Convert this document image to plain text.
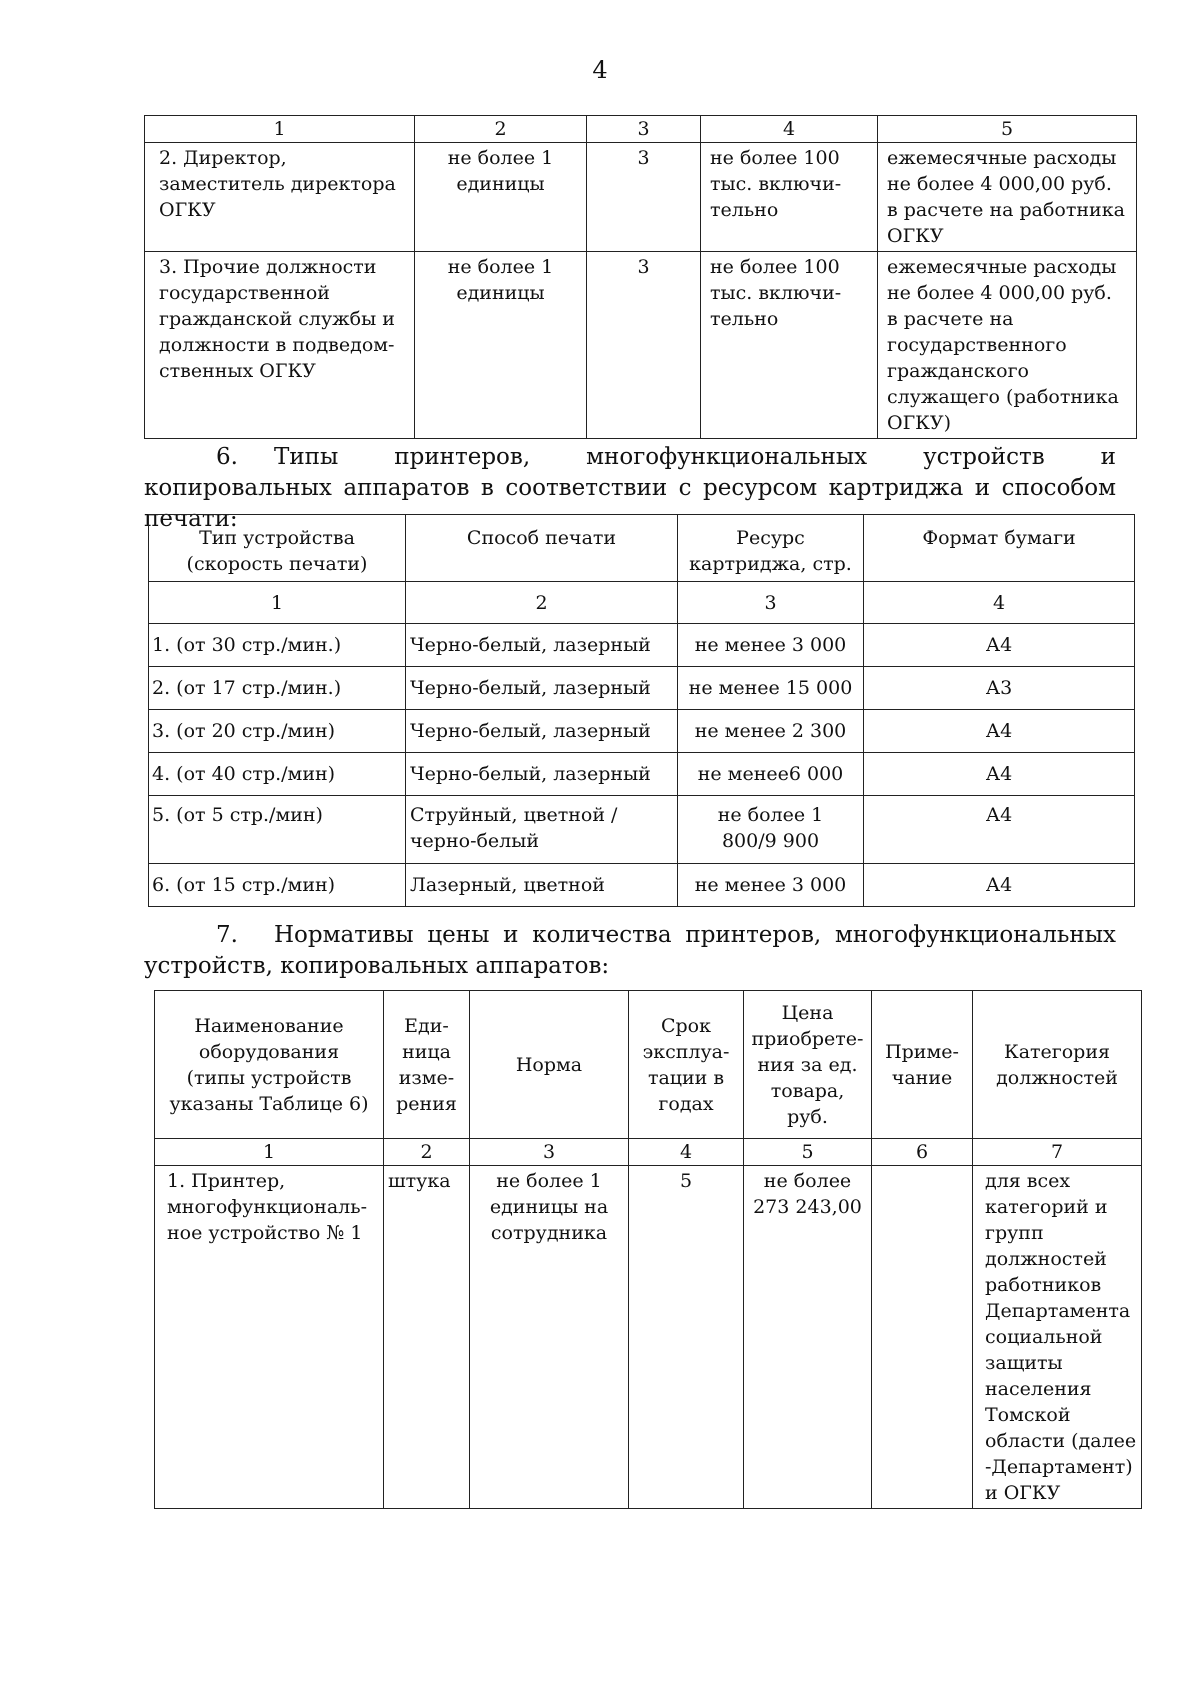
4
1	2	3	4	5
2. Директор, заместитель директора ОГКУ	не более 1 единицы	3	не более 100 тыс. включи-тельно	ежемесячные расходы не более 4 000,00 руб. в расчете на работника ОГКУ
3. Прочие должности государственной гражданской службы и должности в подведом-ственных ОГКУ	не более 1 единицы	3	не более 100 тыс. включи-тельно	ежемесячные расходы не более 4 000,00 руб. в расчете на государственного гражданского служащего (работника ОГКУ)
6. Типы принтеров, многофункциональных устройств и копировальных аппаратов в соответствии с ресурсом картриджа и способом печати:
Тип устройства (скорость печати)	Способ печати	Ресурс картриджа, стр.	Формат бумаги
1	2	3	4
1. (от 30 стр./мин.)	Черно-белый, лазерный	не менее 3 000	А4
2. (от 17 стр./мин.)	Черно-белый, лазерный	не менее 15 000	А3
3. (от 20 стр./мин)	Черно-белый, лазерный	не менее 2 300	А4
4. (от 40 стр./мин)	Черно-белый, лазерный	не менее6 000	А4
5. (от 5 стр./мин)	Струйный, цветной / черно-белый	не более 1 800/9 900	А4
6. (от 15 стр./мин)	Лазерный, цветной	не менее 3 000	А4
7. Нормативы цены и количества принтеров, многофункциональных устройств, копировальных аппаратов:
Наименование оборудования (типы устройств указаны Таблице 6)	Еди-ница изме-рения	Норма	Срок эксплуа-тации в годах	Цена приобрете-ния за ед. товара, руб.	Приме-чание	Категория должностей
1	2	3	4	5	6	7
1. Принтер, многофункциональ-ное устройство № 1	штука	не более 1 единицы на сотрудника	5	не более 273 243,00		для всех категорий и групп должностей работников Департамента социальной защиты населения Томской области (далее -Департамент) и ОГКУ
